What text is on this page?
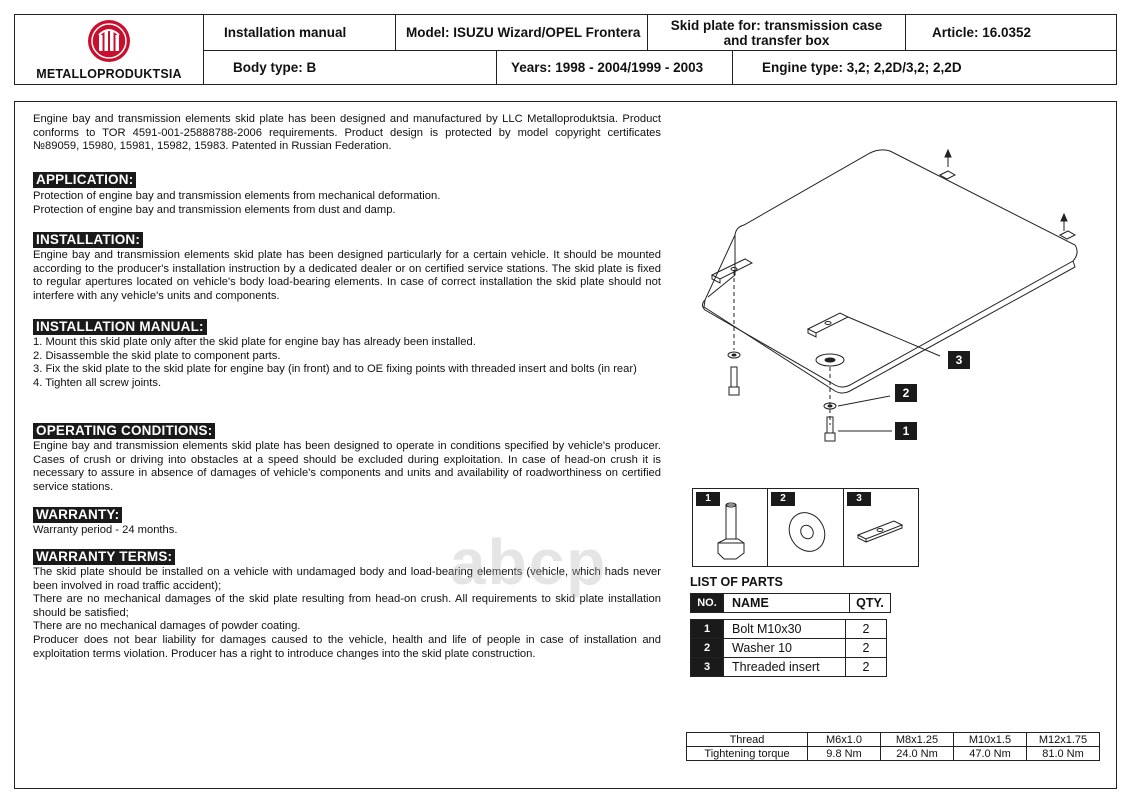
METALLOPRODUKTSIA
Installation manual	Model: ISUZU Wizard/OPEL Frontera Skid plate for: transmission case and transfer box	Article: 16.0352
Body type: B	Years: 1998 - 2004/1999 - 2003	Engine type: 3,2; 2,2D/3,2; 2,2D
Engine bay and transmission elements skid plate has been designed and manufactured by LLC Metalloproduktsia. Product conforms to TOR 4591-001-25888788-2006 requirements. Product design is protected by model copyright certificates №89059, 15980, 15981, 15982, 15983. Patented in Russian Federation.
APPLICATION:
Protection of engine bay and transmission elements from mechanical deformation.
Protection of engine bay and transmission elements from dust and damp.
INSTALLATION:
Engine bay and transmission elements skid plate has been designed particularly for a certain vehicle. It should be mounted according to the producer's installation instruction by a dedicated dealer or on certified service stations. The skid plate is fixed to regular apertures located on vehicle's body load-bearing elements. In case of correct installation the skid plate should not interfere with any vehicle's units and components.
INSTALLATION MANUAL:
1. Mount this skid plate only after the skid plate for engine bay has already been installed.
2. Disassemble the skid plate to component parts.
3. Fix the skid plate to the skid plate for engine bay (in front) and to OE fixing points with threaded insert and bolts (in rear)
4. Tighten all screw joints.
OPERATING CONDITIONS:
Engine bay and transmission elements skid plate has been designed to operate in conditions specified by vehicle's producer. Cases of crush or driving into obstacles at a speed should be excluded during exploitation. In case of head-on crush it is necessary to assure in absence of damages of vehicle's components and units and availability of roadworthiness on certified service stations.
WARRANTY:
Warranty period - 24 months.
WARRANTY TERMS:
The skid plate should be installed on a vehicle with undamaged body and load-bearing elements (vehicle, which hads never been involved in road traffic accident);
There are no mechanical damages of the skid plate resulting from head-on crush. All requirements to skid plate installation should be satisfied;
There are no mechanical damages of powder coating.
Producer does not bear liability for damages caused to the vehicle, health and life of people in case of installation and exploitation terms violation. Producer has a right to introduce changes into the skid plate construction.
abcp
3
2
1
1	2	3
LIST OF PARTS
NO.	NAME	QTY.
1	Bolt M10x30	2
2	Washer 10	2
3	Threaded insert	2
Thread	M6x1.0	M8x1.25	M10x1.5	M12x1.75
Tightening torque	9.8 Nm	24.0 Nm	47.0 Nm	81.0 Nm
